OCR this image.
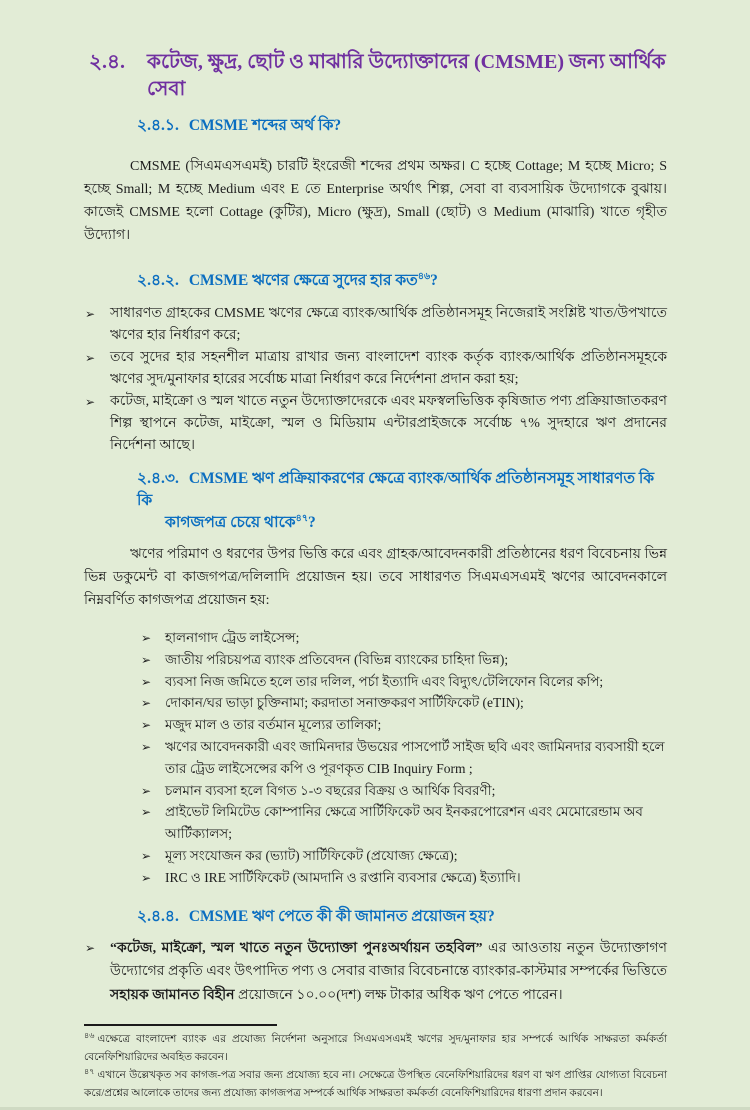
২.৪.	কটেজ, ক্ষুদ্র, ছোট ও মাঝারি উদ্যোক্তাদের (CMSME) জন্য আর্থিক সেবা
২.৪.১. CMSME শব্দের অর্থ কি?

CMSME (সিএমএসএমই) চারটি ইংরেজী শব্দের প্রথম অক্ষর। C হচ্ছে Cottage; M হচ্ছে Micro; S হচ্ছে Small; M হচ্ছে Medium এবং E তে Enterprise অর্থাৎ শিল্প, সেবা বা ব্যবসায়িক উদ্যোগকে বুঝায়। কাজেই CMSME হলো Cottage (কুটির), Micro (ক্ষুদ্র), Small (ছোট) ও Medium (মাঝারি) খাতে গৃহীত উদ্যোগ।

২.৪.২. CMSME ঋণের ক্ষেত্রে সুদের হার কত$^{৪৬}$?
➢ সাধারণত গ্রাহকের CMSME ঋণের ক্ষেত্রে ব্যাংক/আর্থিক প্রতিষ্ঠানসমূহ নিজেরাই সংশ্লিষ্ট খাত/উপখাতে ঋণের হার নির্ধারণ করে;
➢ তবে সুদের হার সহনশীল মাত্রায় রাখার জন্য বাংলাদেশ ব্যাংক কর্তৃক ব্যাংক/আর্থিক প্রতিষ্ঠানসমূহকে ঋণের সুদ/মুনাফার হারের সর্বোচ্চ মাত্রা নির্ধারণ করে নির্দেশনা প্রদান করা হয়;
➢ কটেজ, মাইক্রো ও স্মল খাতে নতুন উদ্যোক্তাদেরকে এবং মফস্বলভিত্তিক কৃষিজাত পণ্য প্রক্রিয়াজাতকরণ শিল্প স্থাপনে কটেজ, মাইক্রো, স্মল ও মিডিয়াম এন্টারপ্রাইজকে সর্বোচ্চ ৭% সুদহারে ঋণ প্রদানের নির্দেশনা আছে।
২.৪.৩. CMSME ঋণ প্রক্রিয়াকরণের ক্ষেত্রে ব্যাংক/আর্থিক প্রতিষ্ঠানসমূহ সাধারণত কি কি
কাগজপত্র চেয়ে থাকে$^{৪৭}$?

ঋণের পরিমাণ ও ধরণের উপর ভিত্তি করে এবং গ্রাহক/আবেদনকারী প্রতিষ্ঠানের ধরণ বিবেচনায় ভিন্ন ভিন্ন ডকুমেন্ট বা কাজগপত্র/দলিলাদি প্রয়োজন হয়। তবে সাধারণত সিএমএসএমই ঋণের আবেদনকালে নিম্নবর্ণিত কাগজপত্র প্রয়োজন হয়:

➢ হালনাগাদ ট্রেড লাইসেন্স;
➢ জাতীয় পরিচয়পত্র ব্যাংক প্রতিবেদন (বিভিন্ন ব্যাংকের চাহিদা ভিন্ন);
➢ ব্যবসা নিজ জমিতে হলে তার দলিল, পর্চা ইত্যাদি এবং বিদ্যুৎ/টেলিফোন বিলের কপি;
➢ দোকান/ঘর ভাড়া চুক্তিনামা; করদাতা সনাক্তকরণ সার্টিফিকেট (eTIN);
➢ মজুদ মাল ও তার বর্তমান মূল্যের তালিকা;
➢ ঋণের আবেদনকারী এবং জামিনদার উভয়ের পাসপোর্ট সাইজ ছবি এবং জামিনদার ব্যবসায়ী হলে তার ট্রেড লাইসেন্সের কপি ও পূরণকৃত CIB Inquiry Form ;
➢ চলমান ব্যবসা হলে বিগত ১-৩ বছরের বিক্রয় ও আর্থিক বিবরণী;
➢ প্রাইভেট লিমিটেড কোম্পানির ক্ষেত্রে সার্টিফিকেট অব ইনকরপোরেশন এবং মেমোরেন্ডাম অব আর্টিক্যালস;
➢ মূল্য সংযোজন কর (ভ্যাট) সার্টিফিকেট (প্রযোজ্য ক্ষেত্রে);
➢ IRC ও IRE সার্টিফিকেট (আমদানি ও রপ্তানি ব্যবসার ক্ষেত্রে) ইত্যাদি।
২.৪.৪. CMSME ঋণ পেতে কী কী জামানত প্রয়োজন হয়?
➢ “কটেজ, মাইক্রো, স্মল খাতে নতুন উদ্যোক্তা পুনঃঅর্থায়ন তহবিল” এর আওতায় নতুন উদ্যোক্তাগণ উদ্যোগের প্রকৃতি এবং উৎপাদিত পণ্য ও সেবার বাজার বিবেচনান্তে ব্যাংকার-কাস্টমার সম্পর্কের ভিত্তিতে সহায়ক জামানত বিহীন প্রয়োজনে ১০.০০(দশ) লক্ষ টাকার অধিক ঋণ পেতে পারেন।

$^{৪৬}$ এক্ষেত্রে বাংলাদেশ ব্যাংক এর প্রযোজ্য নির্দেশনা অনুসারে সিএমএসএমই ঋণের সুদ/মুনাফার হার সম্পর্কে আর্থিক সাক্ষরতা কর্মকর্তা বেনেফিশিয়ারিদের অবহিত করবেন।

$^{৪৭}$ এখানে উল্লেখকৃত সব কাগজ-পত্র সবার জন্য প্রযোজ্য হবে না। সেক্ষেত্রে উপস্থিত বেনেফিশিয়ারিদের ধরণ বা ঋণ প্রাপ্তির যোগ্যতা বিবেচনা করে/প্রশ্নের আলোকে তাদের জন্য প্রযোজ্য কাগজপত্র সম্পর্কে আর্থিক সাক্ষরতা কর্মকর্তা বেনেফিশিয়ারিদের ধারণা প্রদান করবেন।
